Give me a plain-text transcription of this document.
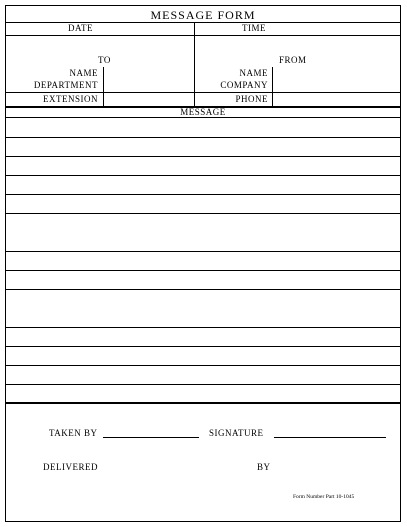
MESSAGE FORM
DATE	TIME
TO	FROM
NAME
DEPARTMENT
EXTENSION
NAME
COMPANY
PHONE
MESSAGE
TAKEN BY	SIGNATURE
DELIVERED	BY
Form Number Part 10-1045
